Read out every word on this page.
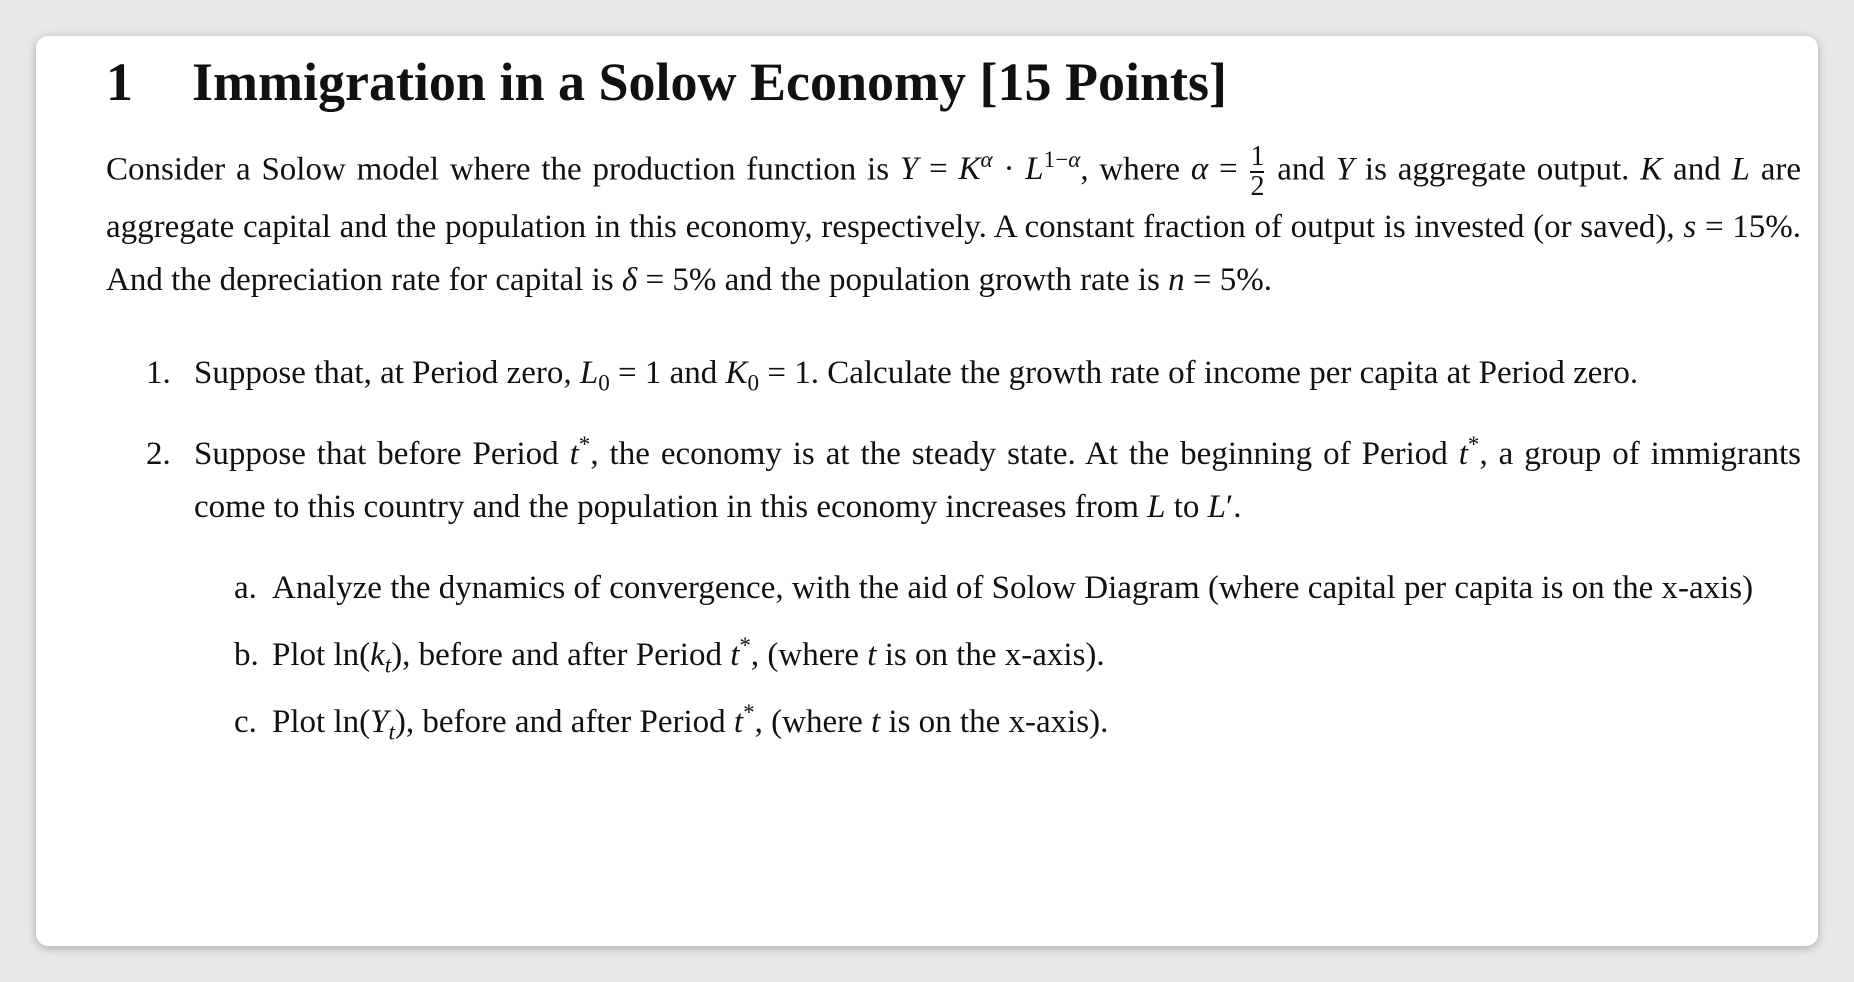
1 Immigration in a Solow Economy [15 Points]

Consider a Solow model where the production function is $Y = K^\alpha \cdot L^{1-\alpha}$, where $\alpha = \frac{1}{2}$ and Y is aggregate output. K and L are aggregate capital and the population in this economy, respectively. A constant fraction of output is invested (or saved), s = 15%. And the depreciation rate for capital is δ = 5% and the population growth rate is n = 5%.

1. Suppose that, at Period zero, $L_0 = 1$ and $K_0 = 1$. Calculate the growth rate of income per capita at Period zero.
2. Suppose that before Period t*, the economy is at the steady state. At the beginning of Period t*, a group of immigrants come to this country and the population in this economy increases from L to L′.
a. Analyze the dynamics of convergence, with the aid of Solow Diagram (where capital per capita is on the x-axis)
b. Plot $\ln(k_t)$, before and after Period t*, (where t is on the x-axis).
c. Plot $\ln(Y_t)$, before and after Period t*, (where t is on the x-axis).
